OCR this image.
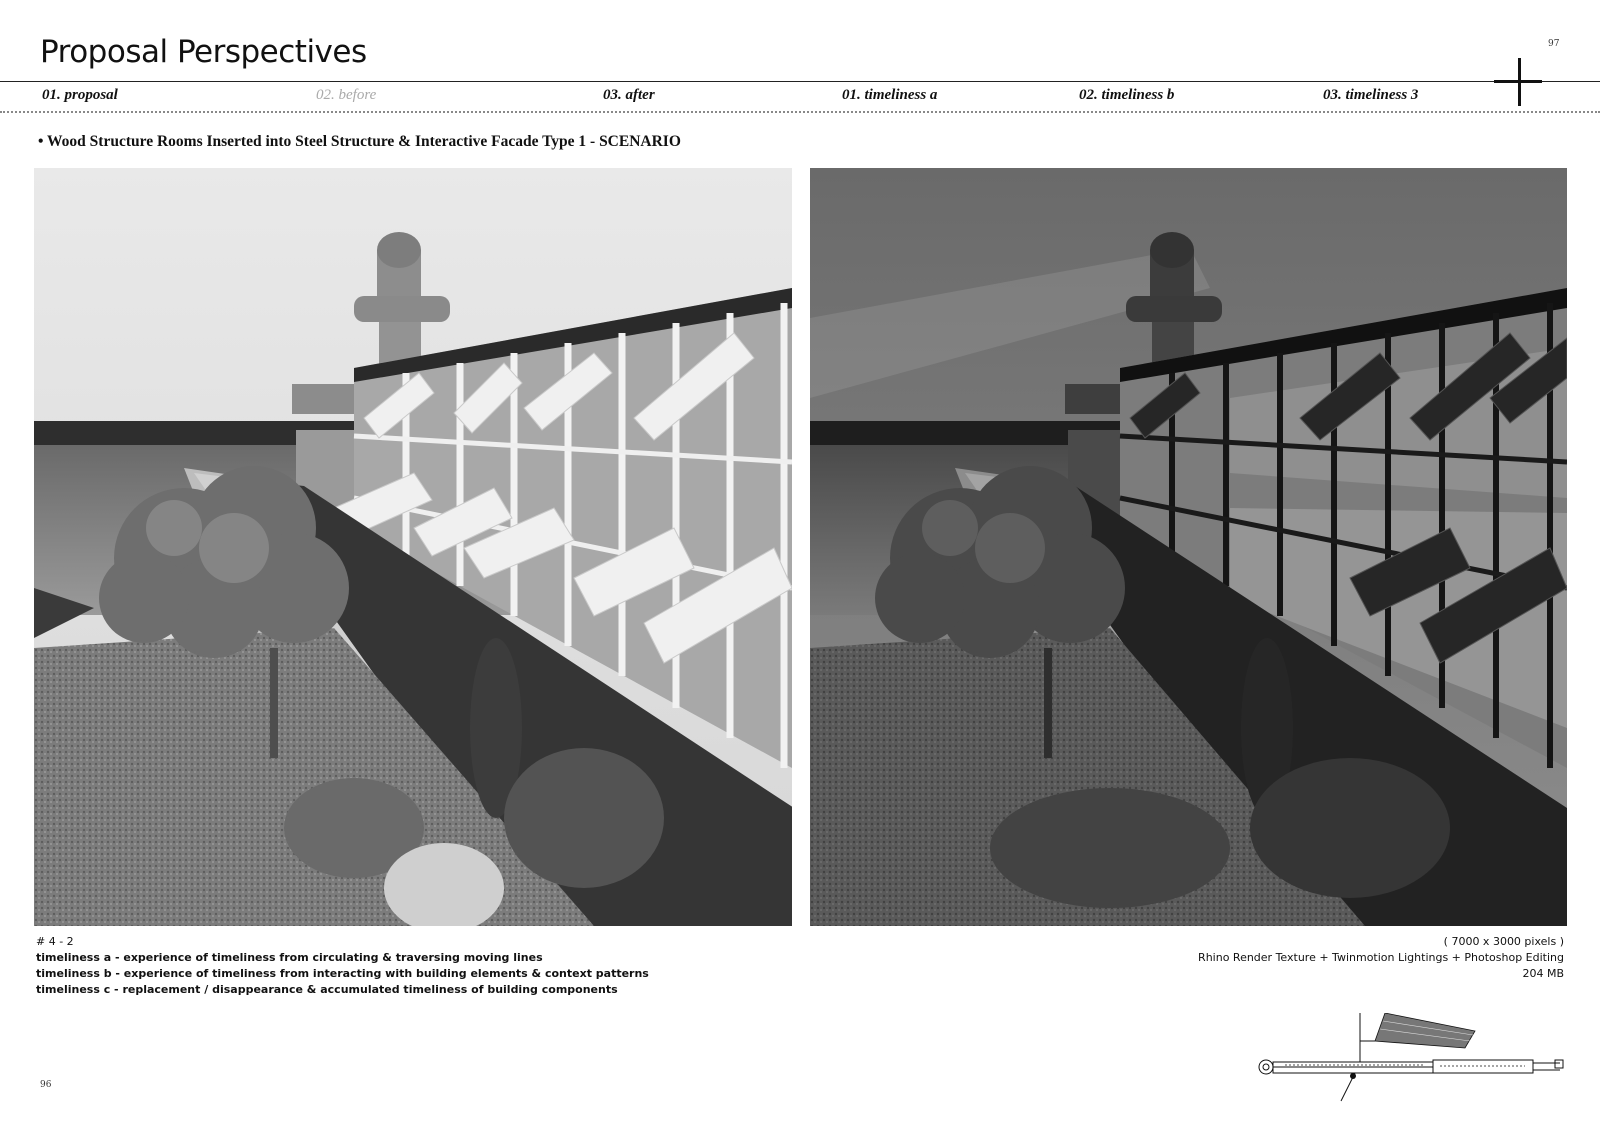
Proposal Perspectives	97
01. proposal	02. before	03. after	01. timeliness a	02. timeliness b	03. timeliness 3
• Wood Structure Rooms Inserted into Steel Structure & Interactive Facade Type 1 - SCENARIO
# 4 - 2
timeliness a - experience of timeliness from circulating & traversing moving lines
timeliness b - experience of timeliness from interacting with building elements & context patterns
timeliness c - replacement / disappearance & accumulated timeliness of building components
( 7000 x 3000 pixels )
Rhino Render Texture + Twinmotion Lightings + Photoshop Editing
204 MB
96
